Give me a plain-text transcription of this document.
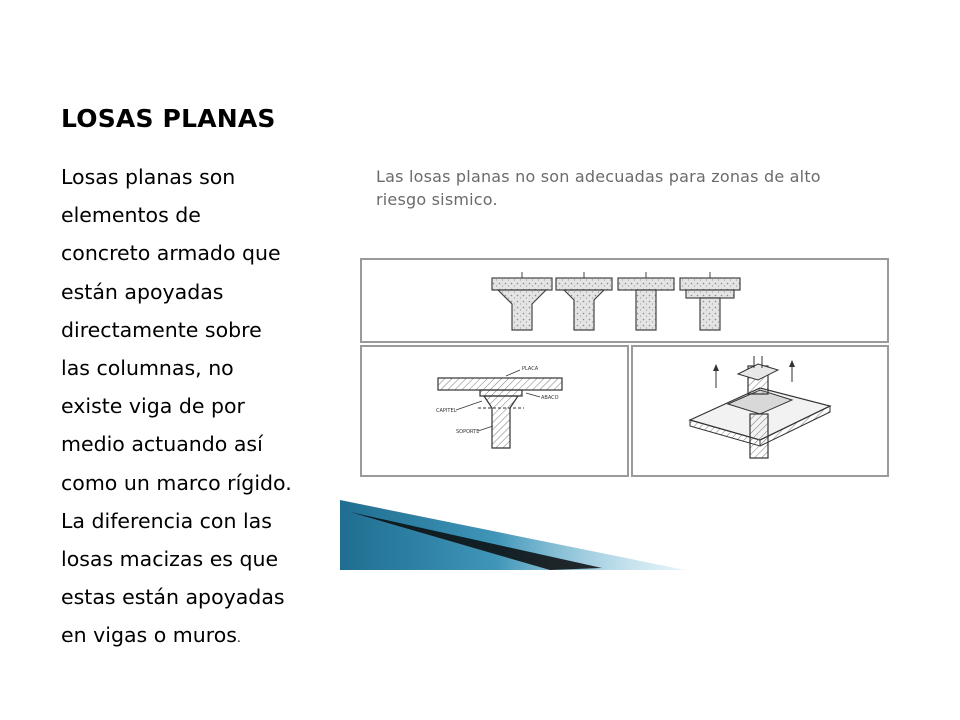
LOSAS PLANAS
Losas planas son
elementos de
concreto armado que
están apoyadas
directamente sobre
las columnas, no
existe viga de por
medio actuando así
como un marco rígido.
La diferencia con las
losas macizas es que
estas están apoyadas
en vigas o muros.
Las losas planas no son adecuadas para zonas de alto
riesgo sismico.
PLACA
CAPITEL
ABACO
SOPORTE
